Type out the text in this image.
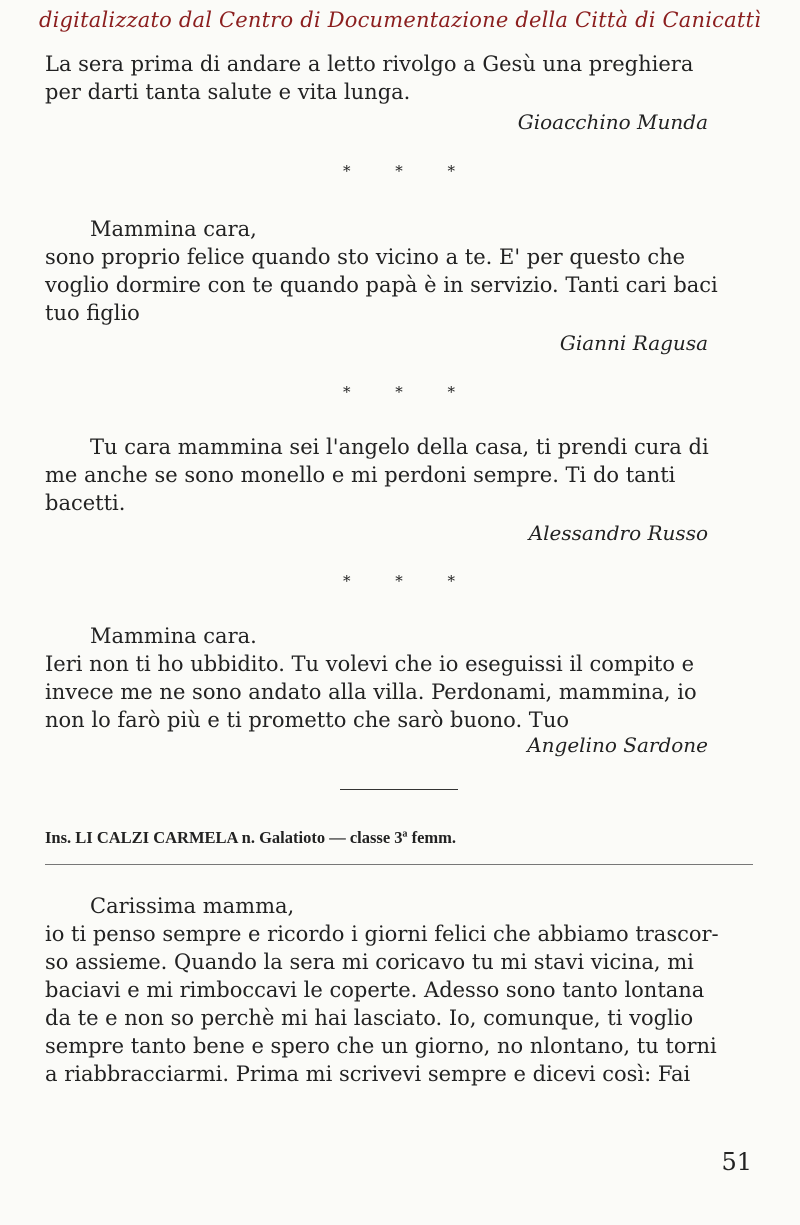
digitalizzato dal Centro di Documentazione della Città di Canicattì

La sera prima di andare a letto rivolgo a Gesù una preghiera

per darti tanta salute e vita lunga.

Gioacchino Munda

* * *

Mammina cara,

sono proprio felice quando sto vicino a te. E' per questo che

voglio dormire con te quando papà è in servizio. Tanti cari baci

tuo figlio

Gianni Ragusa

* * *

Tu cara mammina sei l'angelo della casa, ti prendi cura di

me anche se sono monello e mi perdoni sempre. Ti do tanti

bacetti.

Alessandro Russo

* * *

Mammina cara.

Ieri non ti ho ubbidito. Tu volevi che io eseguissi il compito e

invece me ne sono andato alla villa. Perdonami, mammina, io

non lo farò più e ti prometto che sarò buono. Tuo

Angelino Sardone

Ins. LI CALZI CARMELA n. Galatioto — classe 3ª femm.

Carissima mamma,

io ti penso sempre e ricordo i giorni felici che abbiamo trascor-

so assieme. Quando la sera mi coricavo tu mi stavi vicina, mi

baciavi e mi rimboccavi le coperte. Adesso sono tanto lontana

da te e non so perchè mi hai lasciato. Io, comunque, ti voglio

sempre tanto bene e spero che un giorno, no nlontano, tu torni

a riabbracciarmi. Prima mi scrivevi sempre e dicevi così: Fai

51
